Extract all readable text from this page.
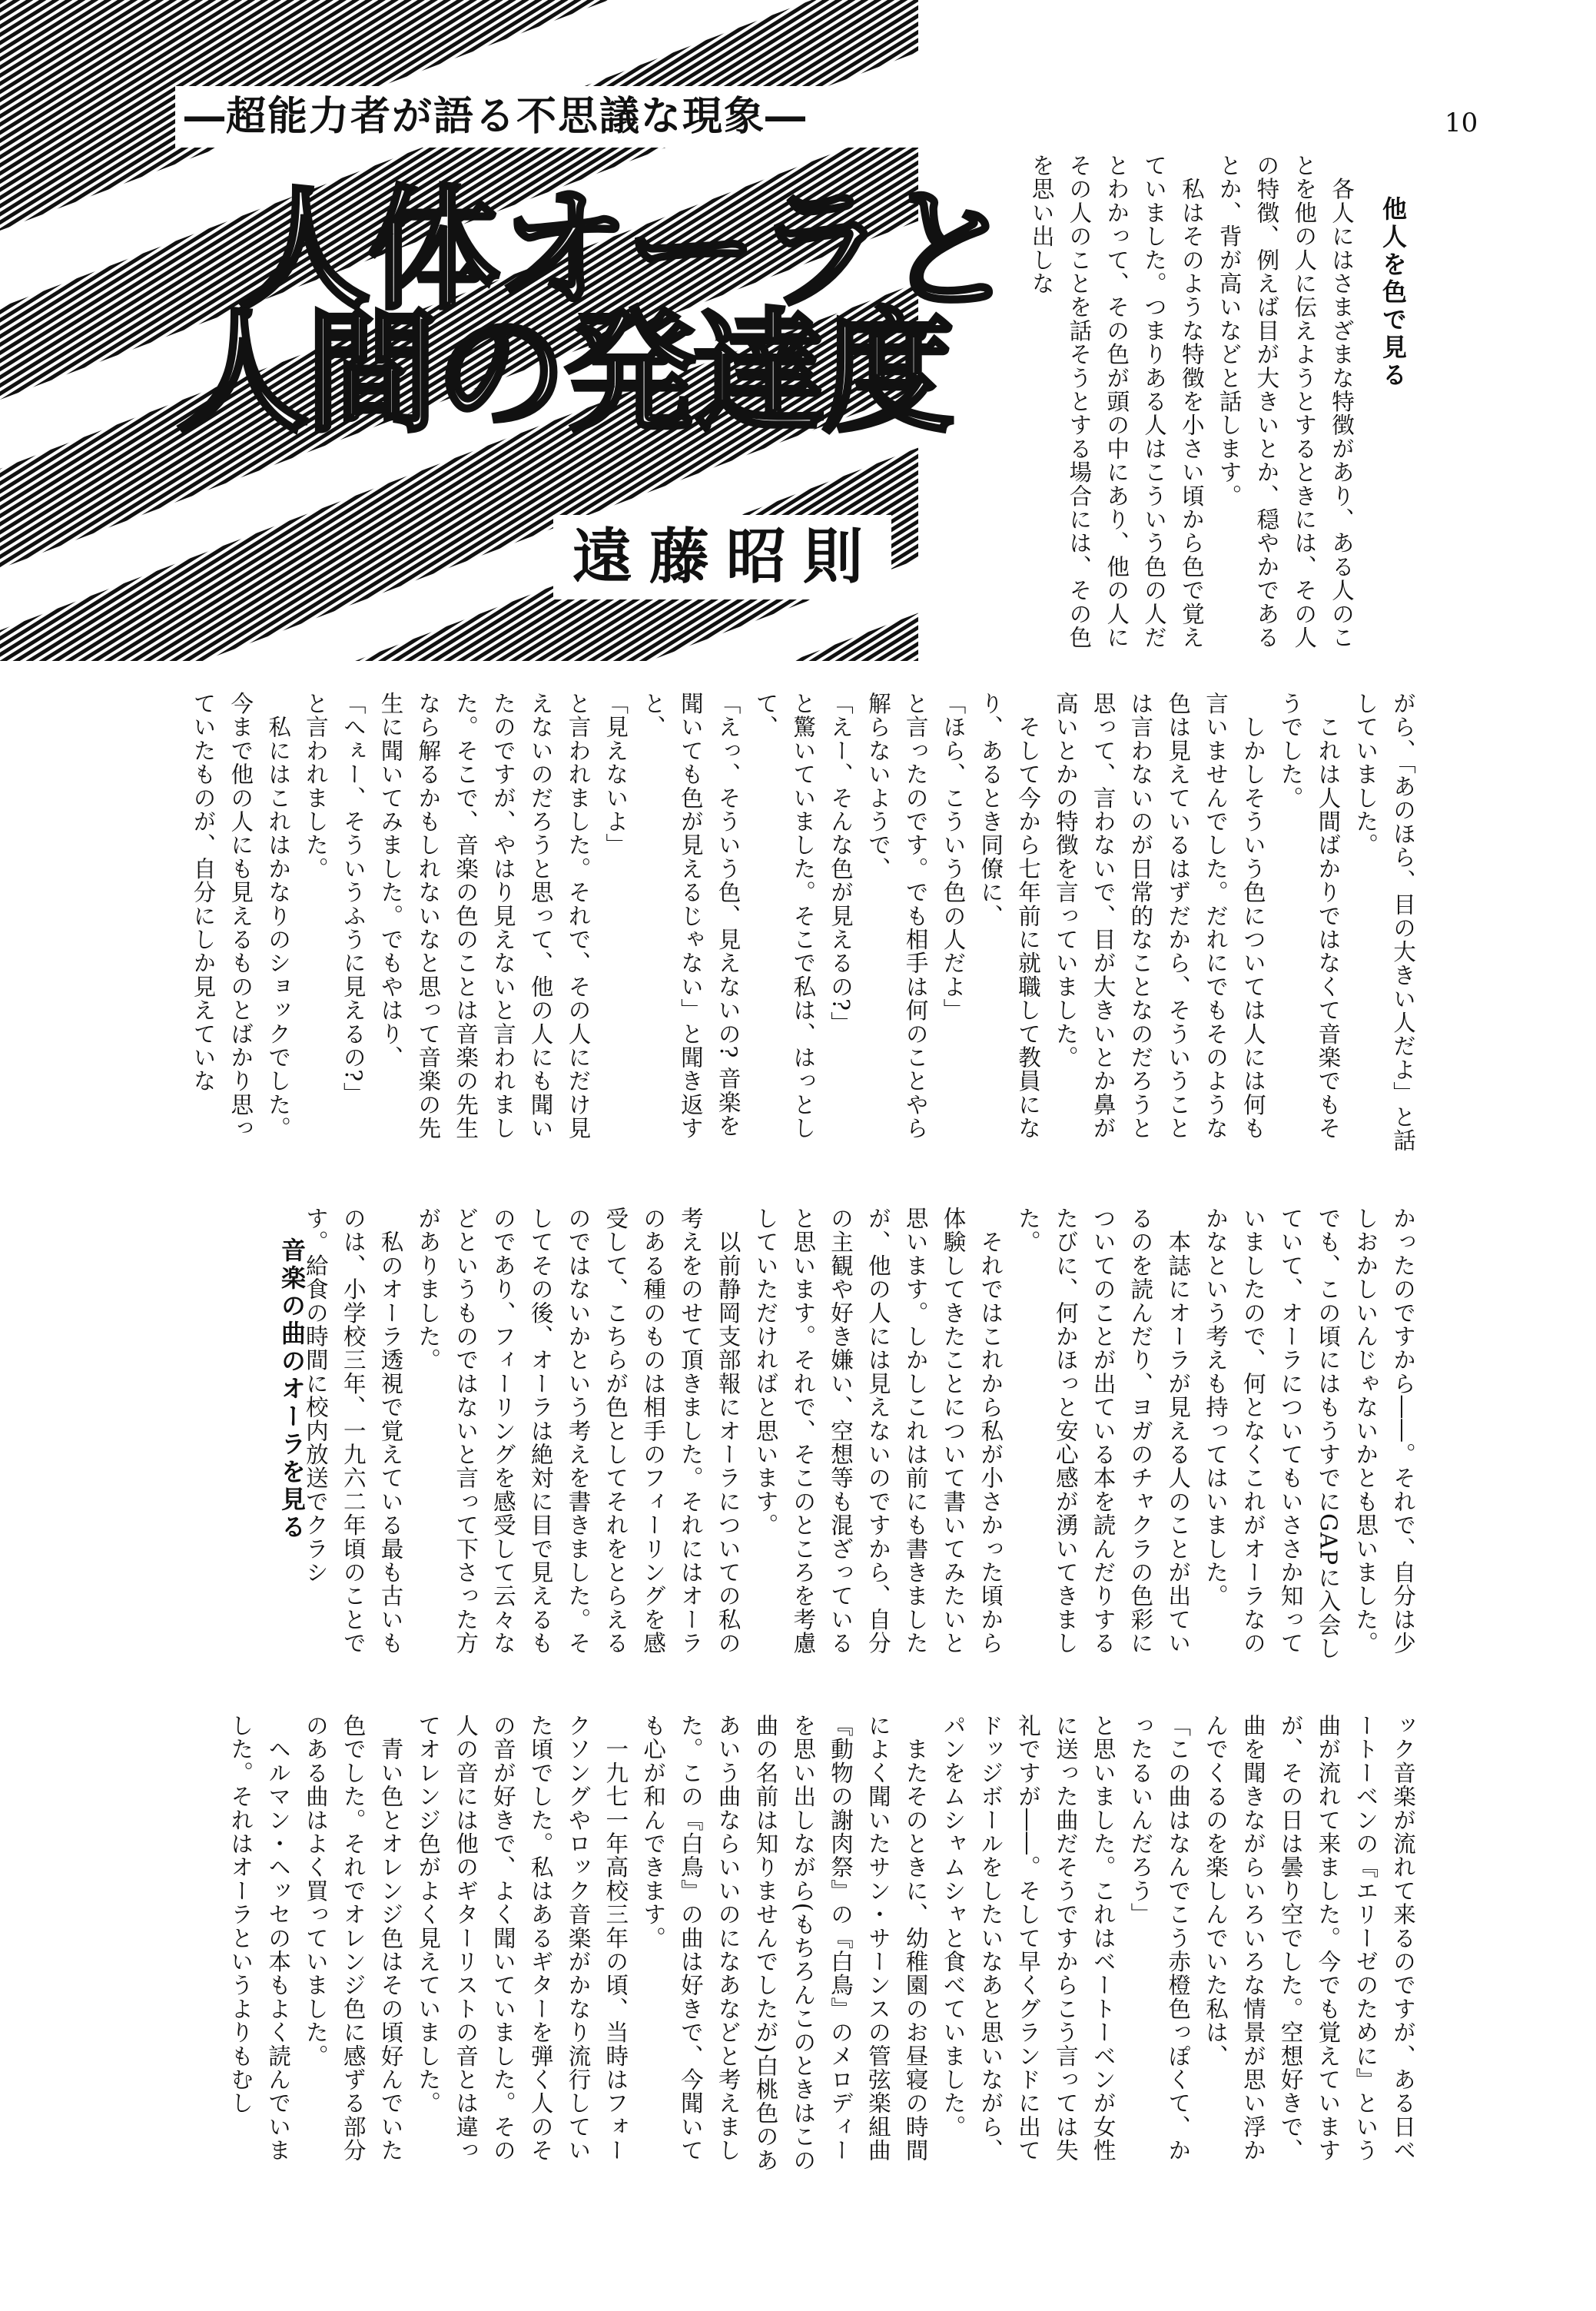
―超能力者が語る不思議な現象―	10
人体オーラと
人間の発達度
遠藤昭則
他人を色で見る

　各人にはさまざまな特徴があり、ある人のことを他の人に伝えようとするときには、その人の特徴、例えば目が大きいとか、穏やかであるとか、背が高いなどと話します。

　私はそのような特徴を小さい頃から色で覚えていました。つまりある人はこういう色の人だとわかって、その色が頭の中にあり、他の人にその人のことを話そうとする場合には、その色を思い出しな

がら、「あのほら、目の大きい人だよ」と話していました。

　これは人間ばかりではなくて音楽でもそうでした。

　しかしそういう色については人には何も言いませんでした。だれにでもそのような色は見えているはずだから、そういうことは言わないのが日常的なことなのだろうと思って、言わないで、目が大きいとか鼻が高いとかの特徴を言っていました。

　そして今から七年前に就職して教員になり、あるとき同僚に、

「ほら、こういう色の人だよ」

と言ったのです。でも相手は何のことやら解らないようで、

「えー、そんな色が見えるの?」

と驚いていました。そこで私は、はっとして、

「えっ、そういう色、見えないの? 音楽を聞いても色が見えるじゃない」と聞き返すと、

「見えないよ」

と言われました。それで、その人にだけ見えないのだろうと思って、他の人にも聞いたのですが、やはり見えないと言われました。そこで、音楽の色のことは音楽の先生なら解るかもしれないなと思って音楽の先生に聞いてみました。でもやはり、

「へぇー、そういうふうに見えるの?」

と言われました。

　私にはこれはかなりのショックでした。今まで他の人にも見えるものとばかり思っていたものが、自分にしか見えていな

音楽の曲のオーラを見る	かったのですから――。それで、自分は少しおかしいんじゃないかとも思いました。でも、この頃にはもうすでにGAPに入会していて、オーラについてもいささか知っていましたので、何となくこれがオーラなのかなという考えも持ってはいました。

　本誌にオーラが見える人のことが出ているのを読んだり、ヨガのチャクラの色彩についてのことが出ている本を読んだりするたびに、何かほっと安心感が湧いてきました。

　それではこれから私が小さかった頃から体験してきたことについて書いてみたいと思います。しかしこれは前にも書きましたが、他の人には見えないのですから、自分の主観や好き嫌い、空想等も混ざっていると思います。それで、そこのところを考慮していただければと思います。

　以前静岡支部報にオーラについての私の考えをのせて頂きました。それにはオーラのある種のものは相手のフィーリングを感受して、こちらが色としてそれをとらえるのではないかという考えを書きました。そしてその後、オーラは絶対に目で見えるものであり、フィーリングを感受して云々などというものではないと言って下さった方がありました。

　私のオーラ透視で覚えている最も古いものは、小学校三年、一九六二年頃のことです。給食の時間に校内放送でクラシ

ック音楽が流れて来るのですが、ある日ベートーベンの『エリーゼのために』という曲が流れて来ました。今でも覚えていますが、その日は曇り空でした。空想好きで、曲を聞きながらいろいろな情景が思い浮かんでくるのを楽しんでいた私は、

「この曲はなんでこう赤橙色っぽくて、かったるいんだろう」

と思いました。これはベートーベンが女性に送った曲だそうですからこう言っては失礼ですが――。そして早くグランドに出てドッジボールをしたいなあと思いながら、パンをムシャムシャと食べていました。

　またそのときに、幼稚園のお昼寝の時間によく聞いたサン・サーンスの管弦楽組曲『動物の謝肉祭』の『白鳥』のメロディーを思い出しながら(もちろんこのときはこの曲の名前は知りませんでしたが)白桃色のああいう曲ならいいのになあなどと考えました。この『白鳥』の曲は好きで、今聞いても心が和んできます。

　一九七一年高校三年の頃、当時はフォークソングやロック音楽がかなり流行していた頃でした。私はあるギターを弾く人のその音が好きで、よく聞いていました。その人の音には他のギターリストの音とは違ってオレンジ色がよく見えていました。

　青い色とオレンジ色はその頃好んでいた色でした。それでオレンジ色に感ずる部分のある曲はよく買っていました。

　ヘルマン・ヘッセの本もよく読んでいました。それはオーラというよりもむし
